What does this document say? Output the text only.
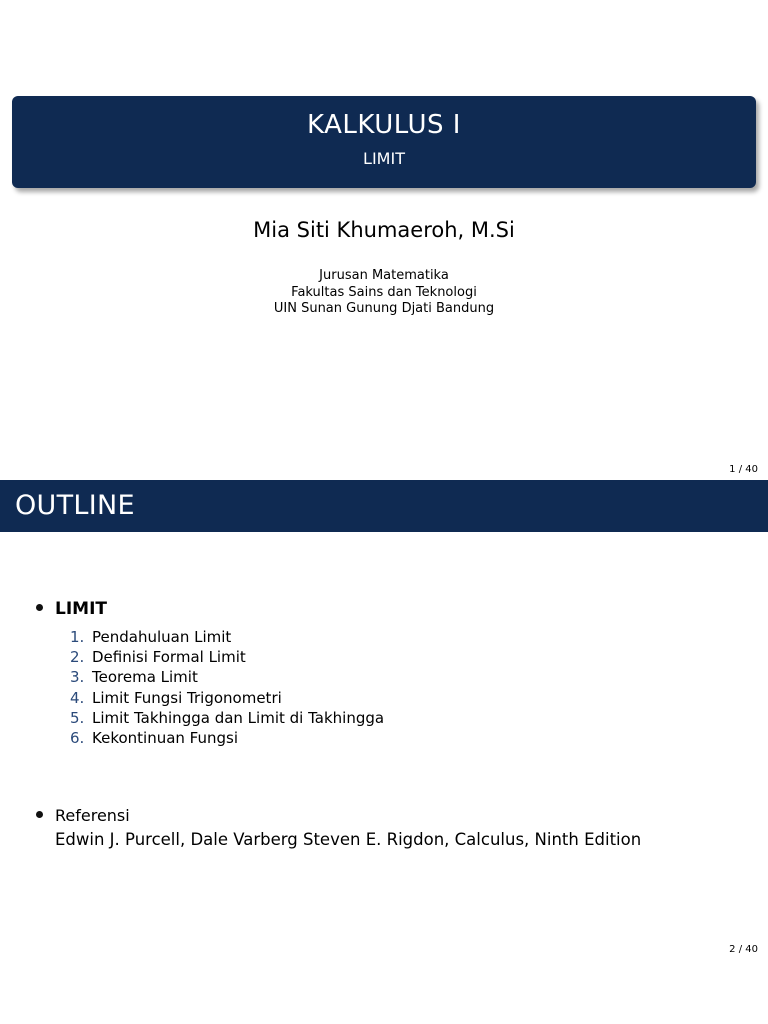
KALKULUS I
LIMIT
Mia Siti Khumaeroh, M.Si
Jurusan Matematika
Fakultas Sains dan Teknologi
UIN Sunan Gunung Djati Bandung
1 / 40
OUTLINE
LIMIT
1. Pendahuluan Limit
2. Definisi Formal Limit
3. Teorema Limit
4. Limit Fungsi Trigonometri
5. Limit Takhingga dan Limit di Takhingga
6. Kekontinuan Fungsi
Referensi
Edwin J. Purcell, Dale Varberg Steven E. Rigdon, Calculus, Ninth Edition
2 / 40
